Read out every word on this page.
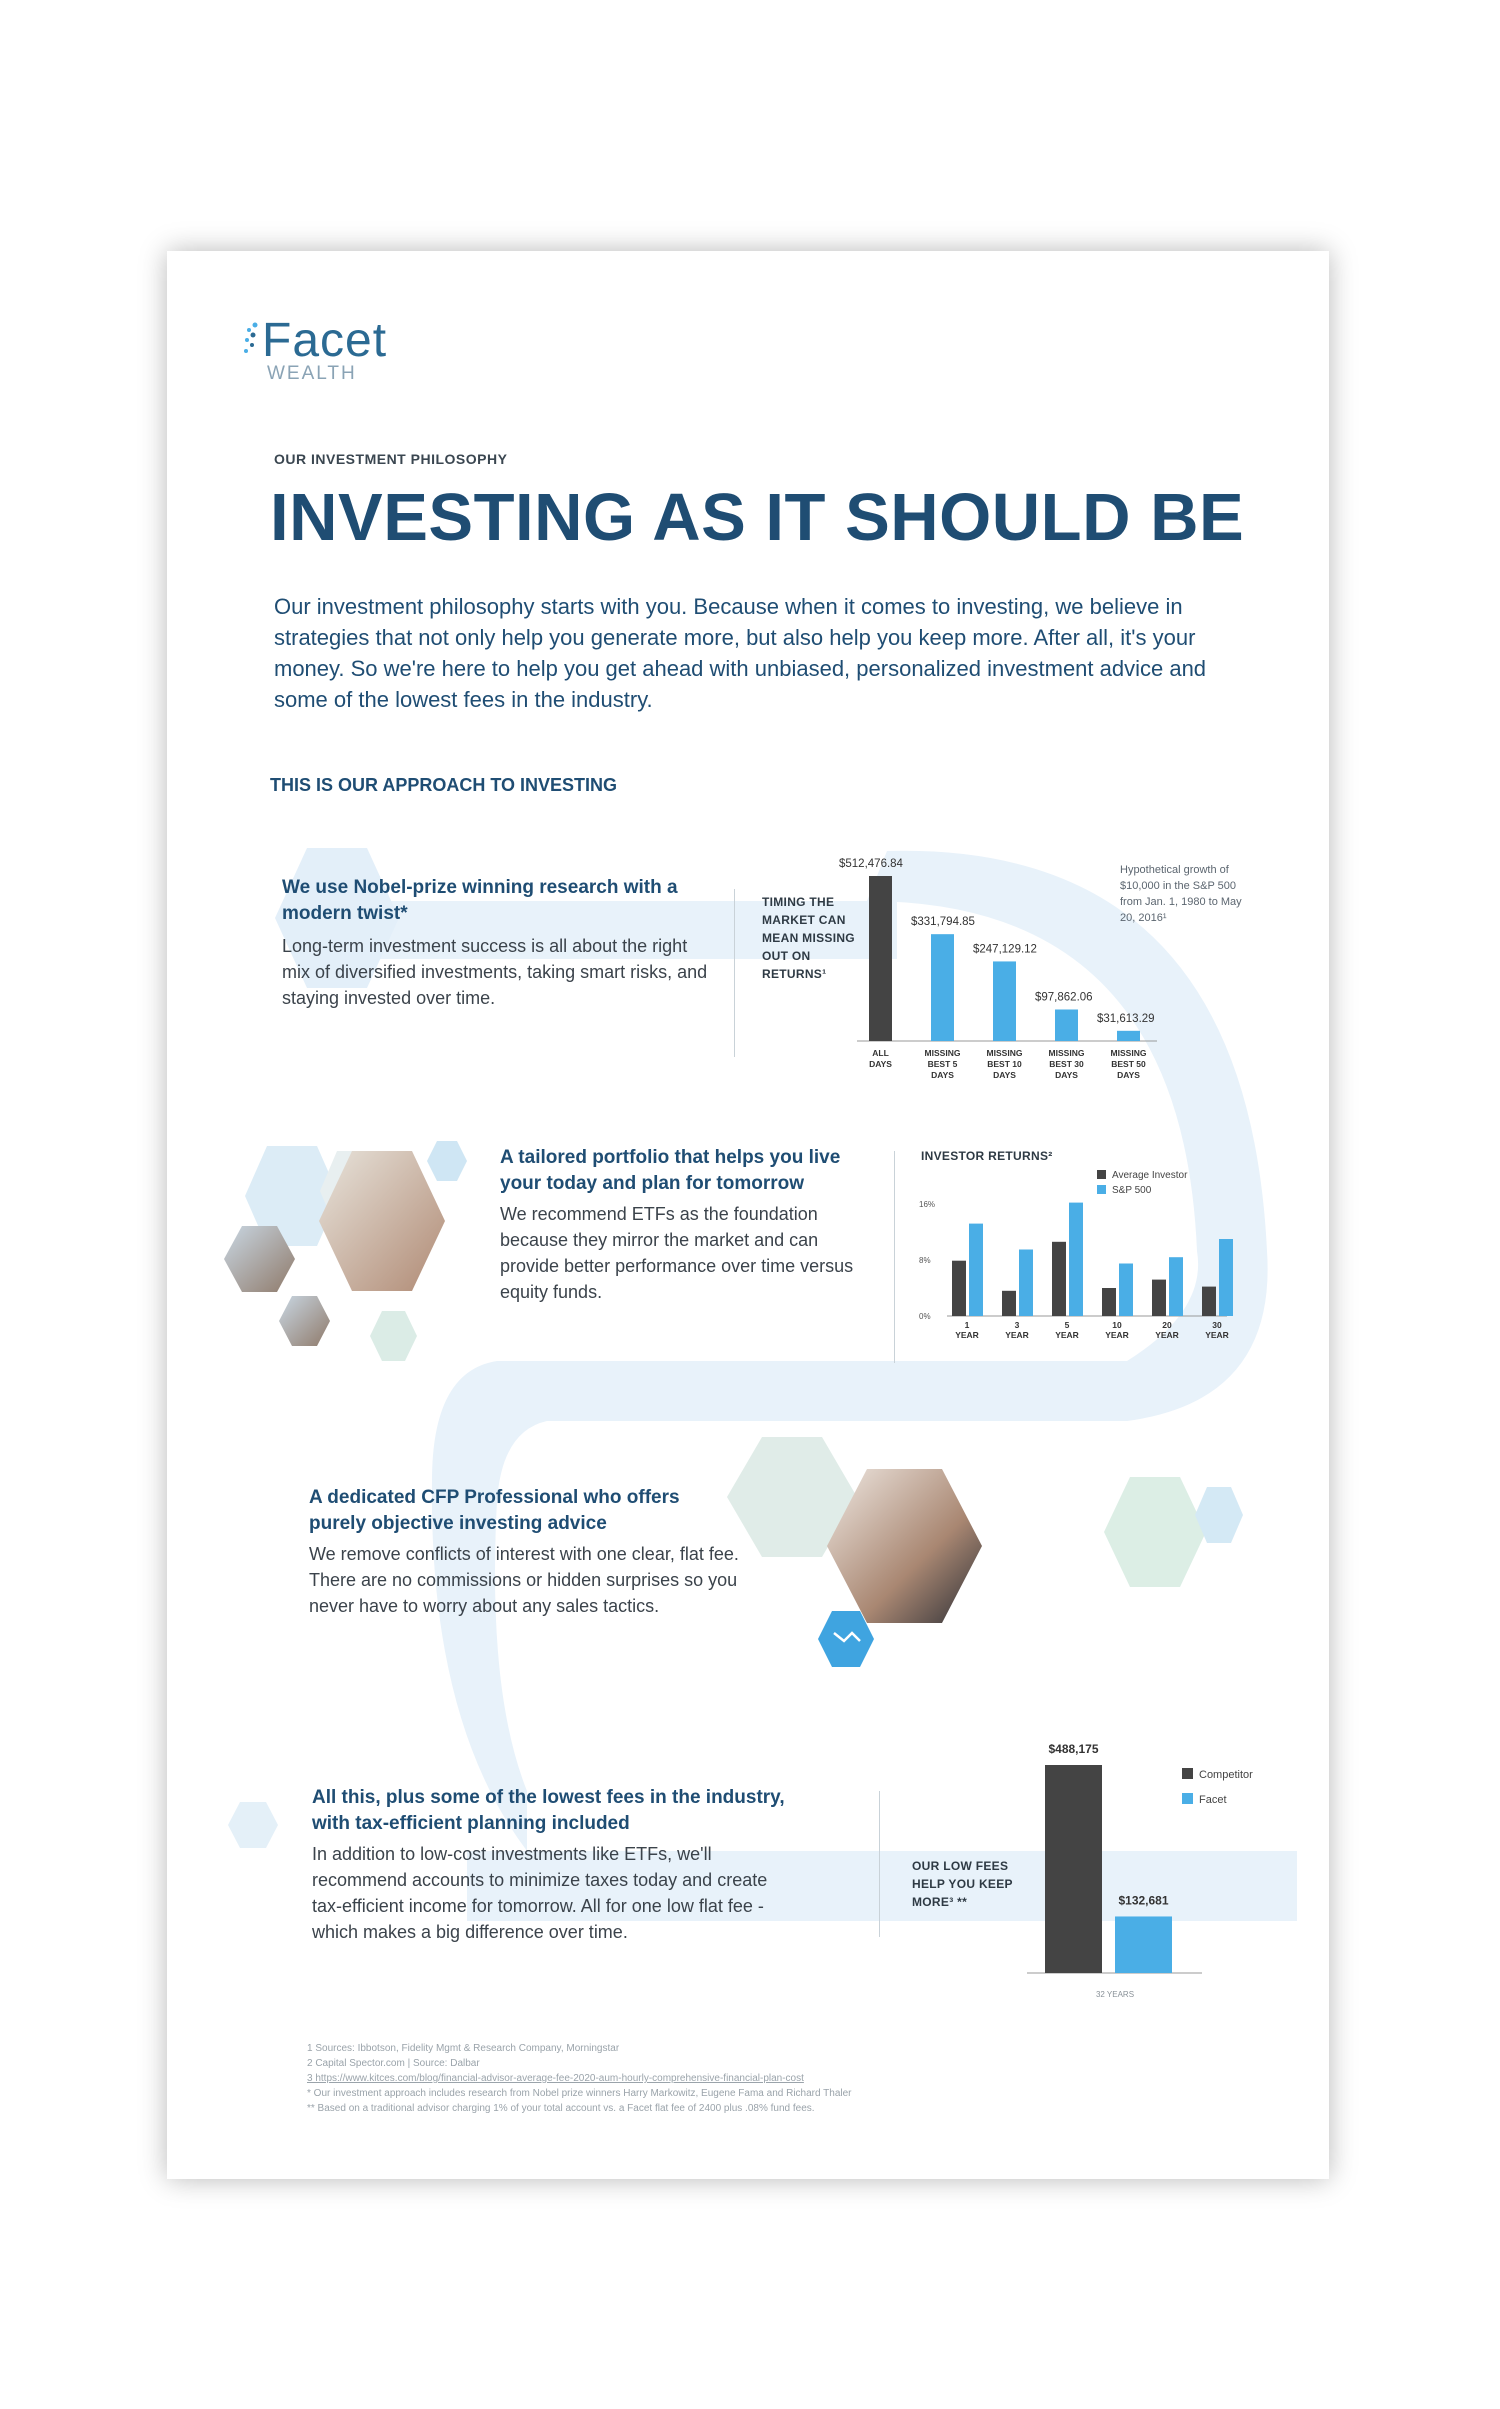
Facet
WEALTH
OUR INVESTMENT PHILOSOPHY
INVESTING AS IT SHOULD BE
Our investment philosophy starts with you. Because when it comes to investing, we believe in strategies that not only help you generate more, but also help you keep more. After all, it's your money. So we're here to help you get ahead with unbiased, personalized investment advice and some of the lowest fees in the industry.
THIS IS OUR APPROACH TO INVESTING
We use Nobel-prize winning research with a modern twist*
Long-term investment success is all about the right mix of diversified investments, taking smart risks, and staying invested over time.
TIMING THE MARKET CAN MEAN MISSING OUT ON RETURNS¹
Hypothetical growth of $10,000 in the S&P 500 from Jan. 1, 1980 to May 20, 2016¹
$512,476.84
ALL
DAYS
$331,794.85
MISSING
BEST 5
DAYS
$247,129.12
MISSING
BEST 10
DAYS
$97,862.06
MISSING
BEST 30
DAYS
$31,613.29
MISSING
BEST 50
DAYS
A tailored portfolio that helps you live your today and plan for tomorrow
We recommend ETFs as the foundation because they mirror the market and can provide better performance over time versus equity funds.
INVESTOR RETURNS²
0%
8%
16%
1
YEAR
3
YEAR
5
YEAR
10
YEAR
20
YEAR
30
YEAR
Average Investor
S&P 500
A dedicated CFP Professional who offers purely objective investing advice
We remove conflicts of interest with one clear, flat fee. There are no commissions or hidden surprises so you never have to worry about any sales tactics.
All this, plus some of the lowest fees in the industry, with tax-efficient planning included
In addition to low-cost investments like ETFs, we'll recommend accounts to minimize taxes today and create tax-efficient income for tomorrow. All for one low flat fee - which makes a big difference over time.
OUR LOW FEES HELP YOU KEEP MORE³ **
$488,175
$132,681
32 YEARS
Competitor
Facet
1 Sources: Ibbotson, Fidelity Mgmt & Research Company, Morningstar
2 Capital Spector.com | Source: Dalbar
3 https://www.kitces.com/blog/financial-advisor-average-fee-2020-aum-hourly-comprehensive-financial-plan-cost
* Our investment approach includes research from Nobel prize winners Harry Markowitz, Eugene Fama and Richard Thaler
** Based on a traditional advisor charging 1% of your total account vs. a Facet flat fee of 2400 plus .08% fund fees.
